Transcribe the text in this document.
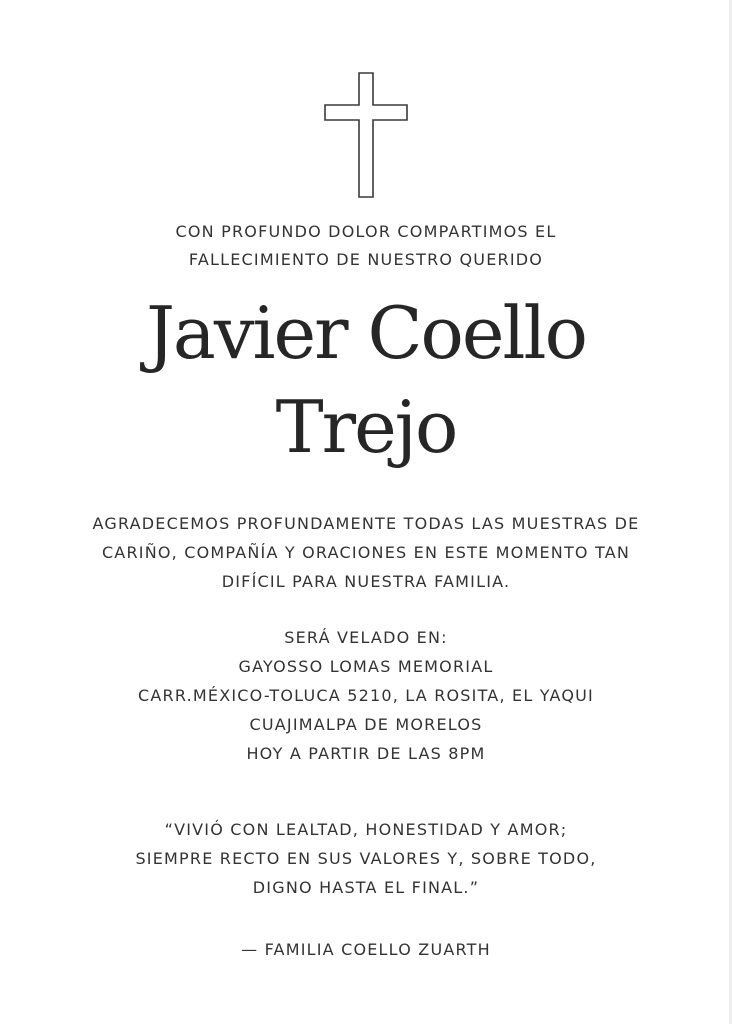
CON PROFUNDO DOLOR COMPARTIMOS EL
FALLECIMIENTO DE NUESTRO QUERIDO
Javier Coello
Trejo
AGRADECEMOS PROFUNDAMENTE TODAS LAS MUESTRAS DE
CARIÑO, COMPAÑÍA Y ORACIONES EN ESTE MOMENTO TAN
DIFÍCIL PARA NUESTRA FAMILIA.
SERÁ VELADO EN:
GAYOSSO LOMAS MEMORIAL
CARR.MÉXICO-TOLUCA 5210, LA ROSITA, EL YAQUI
CUAJIMALPA DE MORELOS
HOY A PARTIR DE LAS 8PM
“VIVIÓ CON LEALTAD, HONESTIDAD Y AMOR;
SIEMPRE RECTO EN SUS VALORES Y, SOBRE TODO,
DIGNO HASTA EL FINAL.”
— FAMILIA COELLO ZUARTH
